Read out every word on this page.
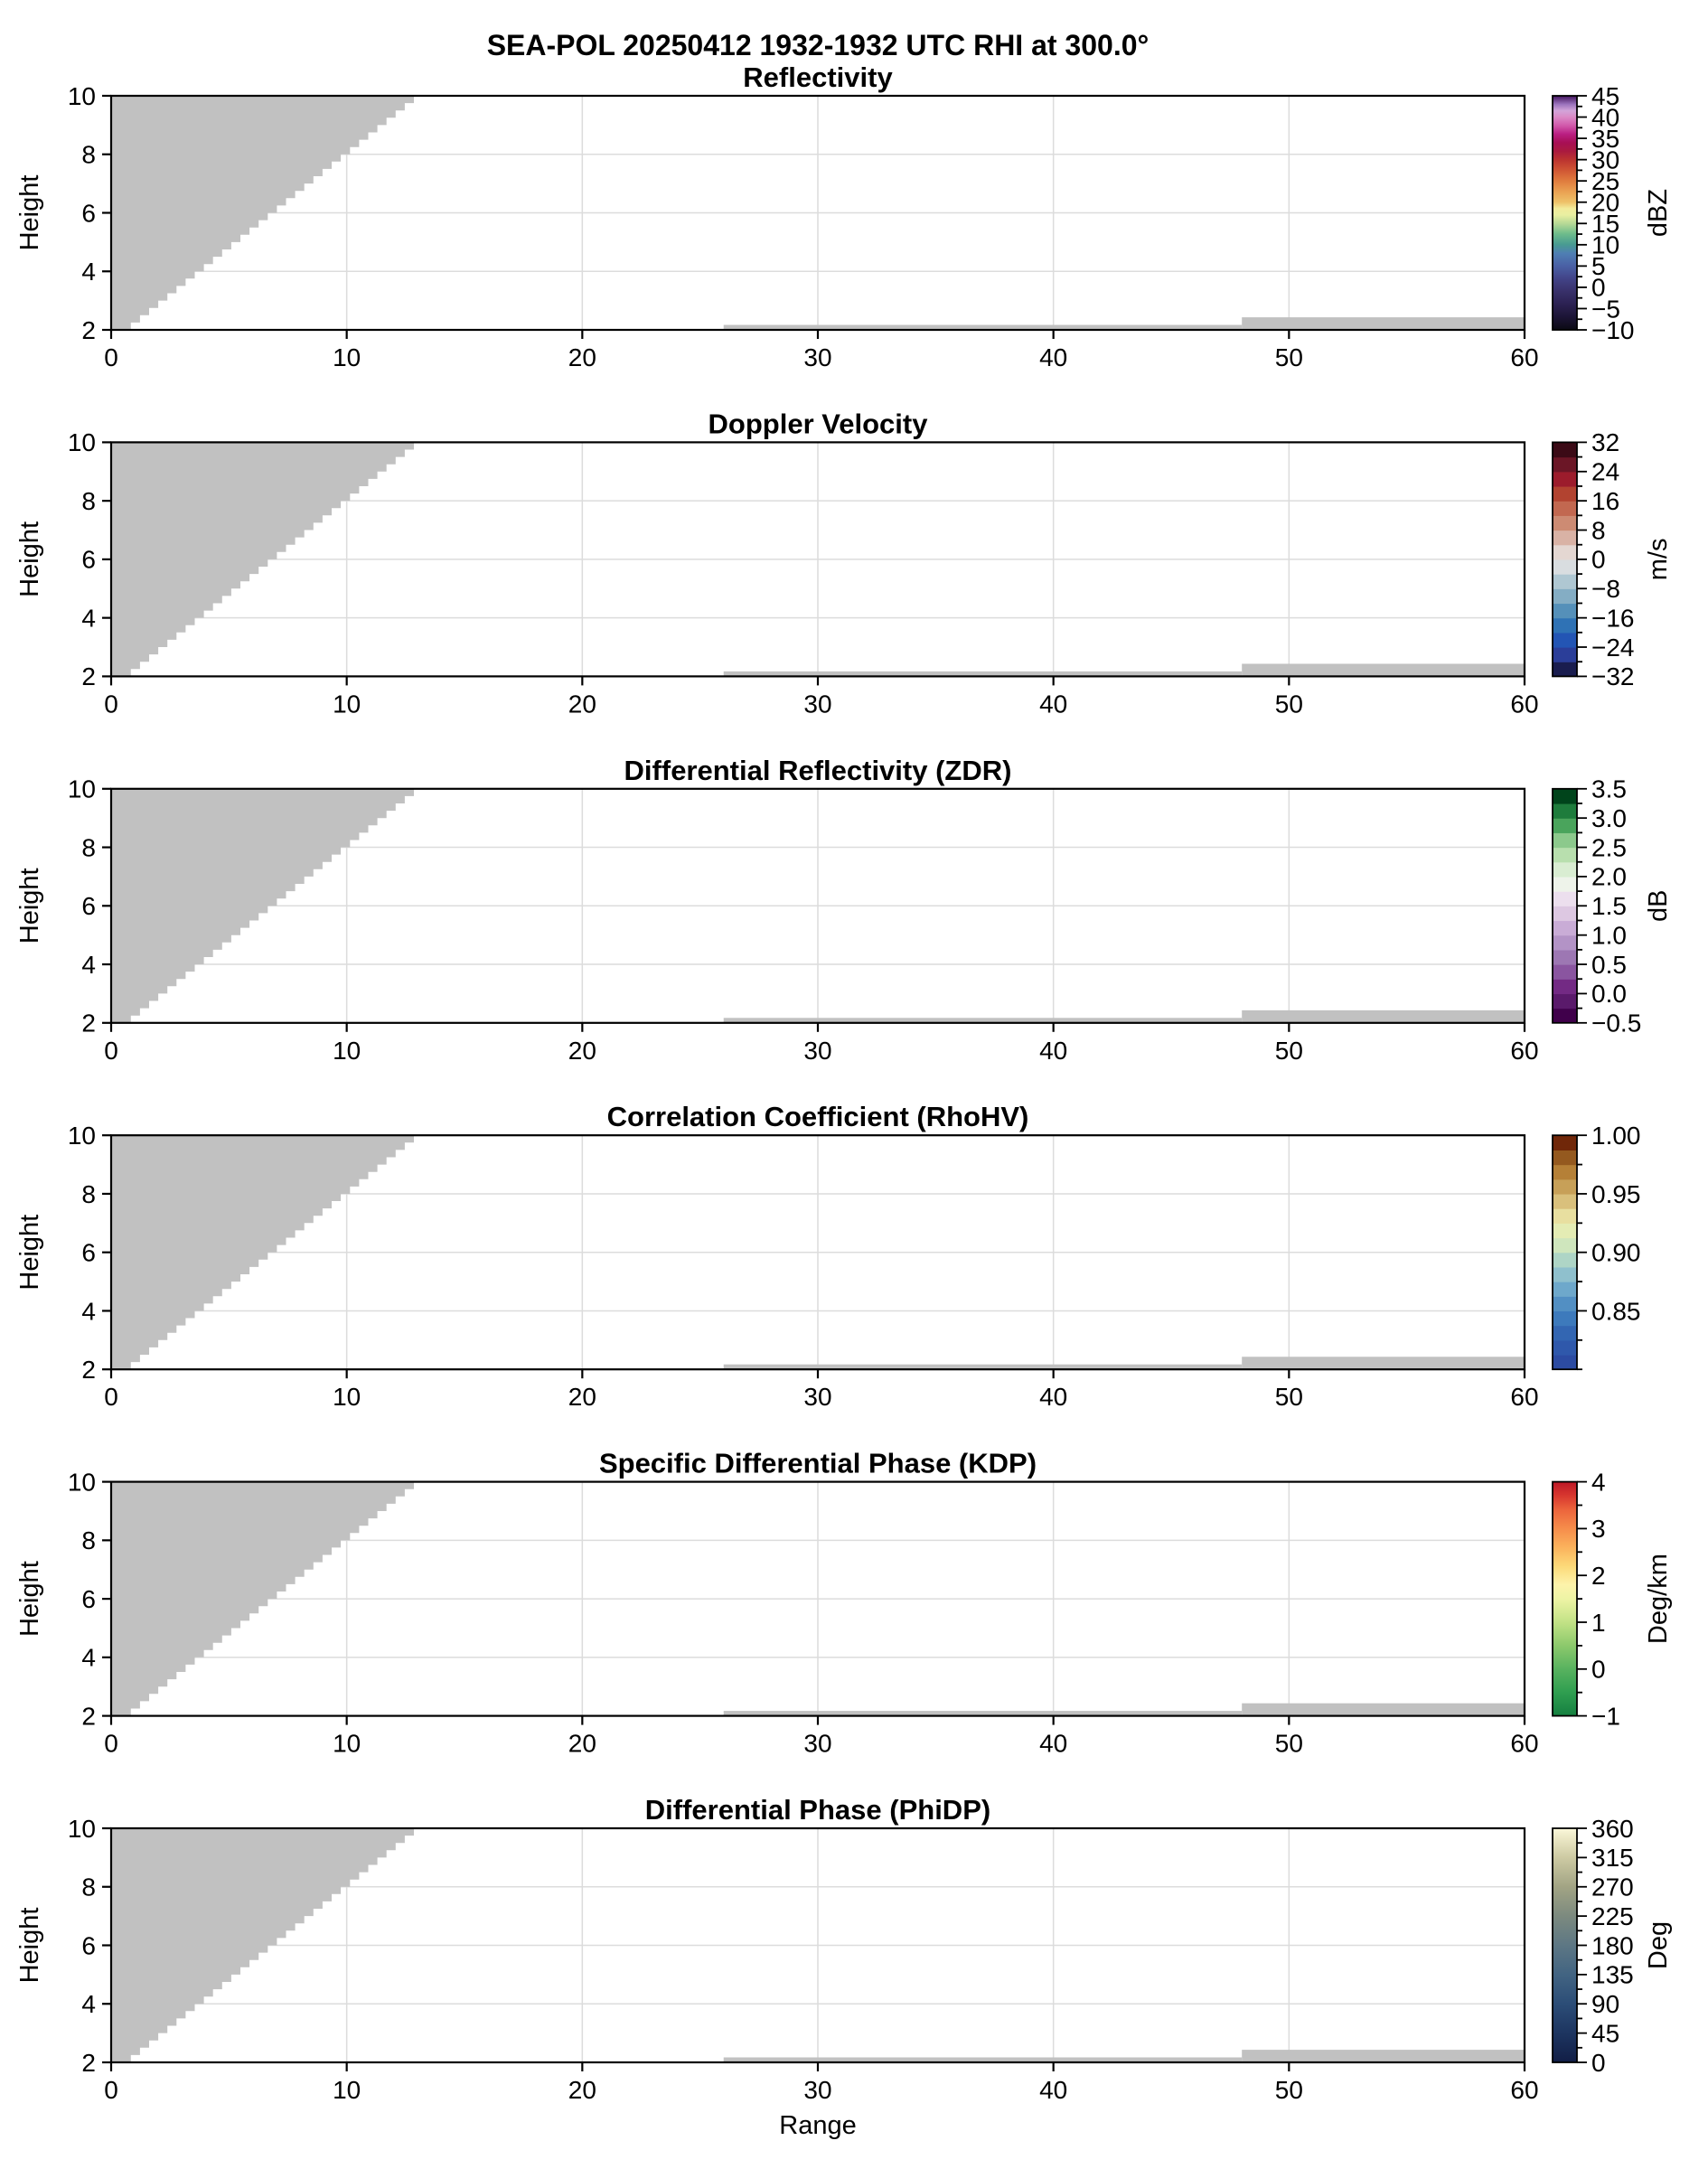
SEA-POL 20250412 1932-1932 UTC RHI at 300.0°
Reflectivity
0	10	20	30	40	50	60
2
4
6
8
10
Height
45
40
35
30
25
20
15
10
5
0
−5
−10
dBZ
Doppler Velocity
0	10	20	30	40	50	60
2
4
6
8
10
Height
32
24
16
8
0
−8
−16
−24
−32
m/s
Differential Reflectivity (ZDR)
0	10	20	30	40	50	60
2
4
6
8
10
Height
3.5
3.0
2.5
2.0
1.5
1.0
0.5
0.0
−0.5
dB
Correlation Coefficient (RhoHV)
0	10	20	30	40	50	60
2
4
6
8
10
Height
1.00
0.95
0.90
0.85
Specific Differential Phase (KDP)
0	10	20	30	40	50	60
2
4
6
8
10
Height
4
3
2
1
0
−1
Deg/km
Differential Phase (PhiDP)
0	10	20	30	40	50	60
2
4
6
8
10
Height
360
315
270
225
180
135
90
45
0
Deg
Range
